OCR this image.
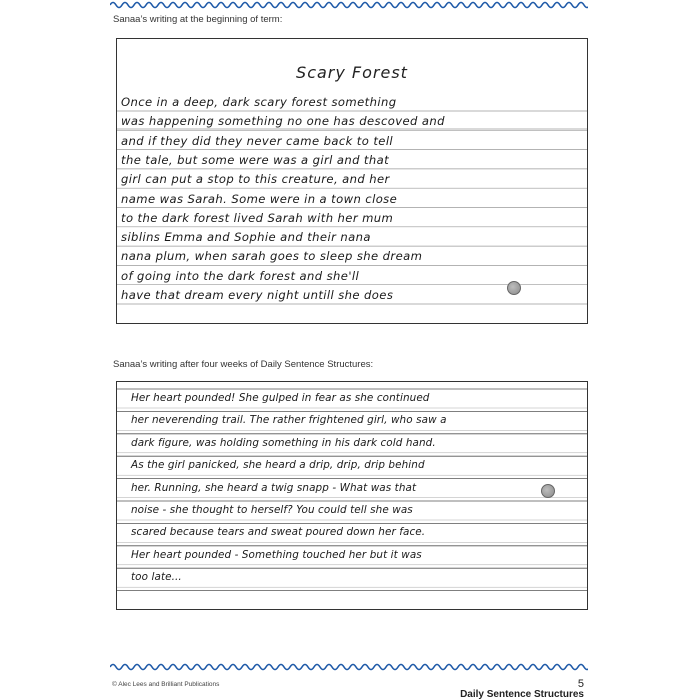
Sanaa’s writing at the beginning of term:
Scary Forest
Once in a deep, dark scary forest something
was happening something no one has descoved and
and if they did they never came back to tell
the tale, but some were was a girl and that
girl can put a stop to this creature, and her
name was Sarah. Some were in a town close
to the dark forest lived Sarah with her mum
siblins Emma and Sophie and their nana
nana plum, when sarah goes to sleep she dream
of going into the dark forest and she'll
have that dream every night untill she does
Sanaa’s writing after four weeks of Daily Sentence Structures:
Her heart pounded! She gulped in fear as she continued
her neverending trail. The rather frightened girl, who saw a
dark figure, was holding something in his dark cold hand.
As the girl panicked, she heard a drip, drip, drip behind
her. Running, she heard a twig snapp - What was that
noise - she thought to herself? You could tell she was
scared because tears and sweat poured down her face.
Her heart pounded - Something touched her but it was
too late...
© Alec Lees and Brilliant Publications	5
Daily Sentence Structures
